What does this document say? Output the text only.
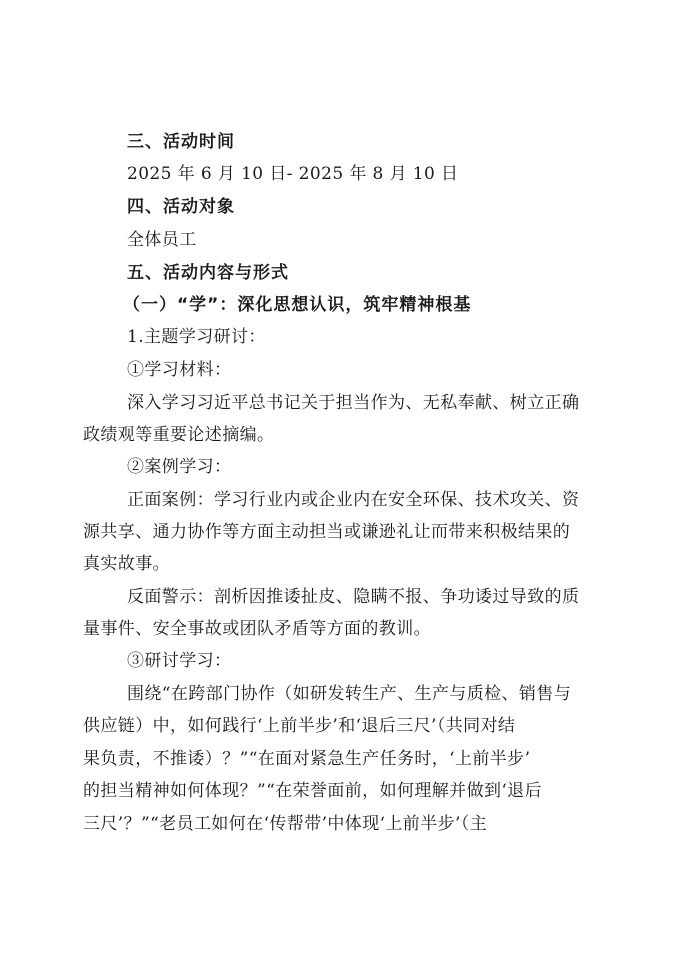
三、活动时间
2025 年 6 月 10 日- 2025 年 8 月 10 日
四、活动对象
全体员工
五、活动内容与形式
（一）“学”：深化思想认识，筑牢精神根基
1.主题学习研讨：
①学习材料：
深入学习习近平总书记关于担当作为、无私奉献、树立正确
政绩观等重要论述摘编。
②案例学习：
正面案例：学习行业内或企业内在安全环保、技术攻关、资
源共享、通力协作等方面主动担当或谦逊礼让而带来积极结果的
真实故事。
反面警示：剖析因推诿扯皮、隐瞒不报、争功诿过导致的质
量事件、安全事故或团队矛盾等方面的教训。
③研讨学习：
围绕“在跨部门协作（如研发转生产、生产与质检、销售与
供应链）中，如何践行‘上前半步’和‘退后三尺’（共同对结
果负责，不推诿）？”“在面对紧急生产任务时，‘上前半步’
的担当精神如何体现？”“在荣誉面前，如何理解并做到‘退后
三尺’？”“老员工如何在‘传帮带’中体现‘上前半步’（主
